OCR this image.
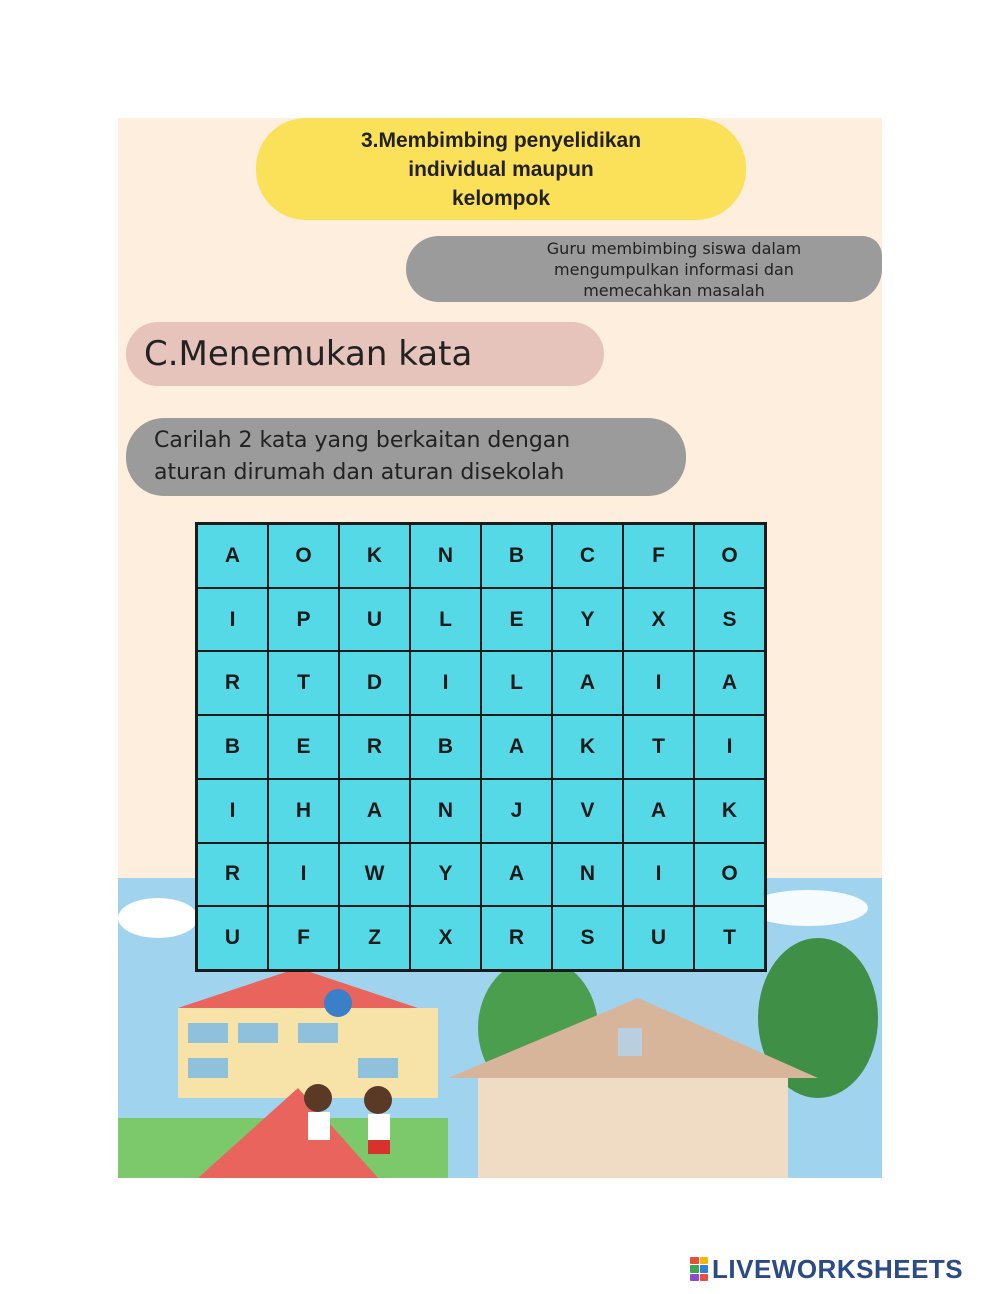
3.Membimbing penyelidikan
individual maupun
kelompok
Guru membimbing siswa dalam
mengumpulkan informasi dan
memecahkan masalah
C.Menemukan kata
Carilah 2 kata yang berkaitan dengan
aturan dirumah dan aturan disekolah
A	O	K	N	B	C	F	O
I	P	U	L	E	Y	X	S
R	T	D	I	L	A	I	A
B	E	R	B	A	K	T	I
I	H	A	N	J	V	A	K
R	I	W	Y	A	N	I	O
U	F	Z	X	R	S	U	T
LIVEWORKSHEETS
